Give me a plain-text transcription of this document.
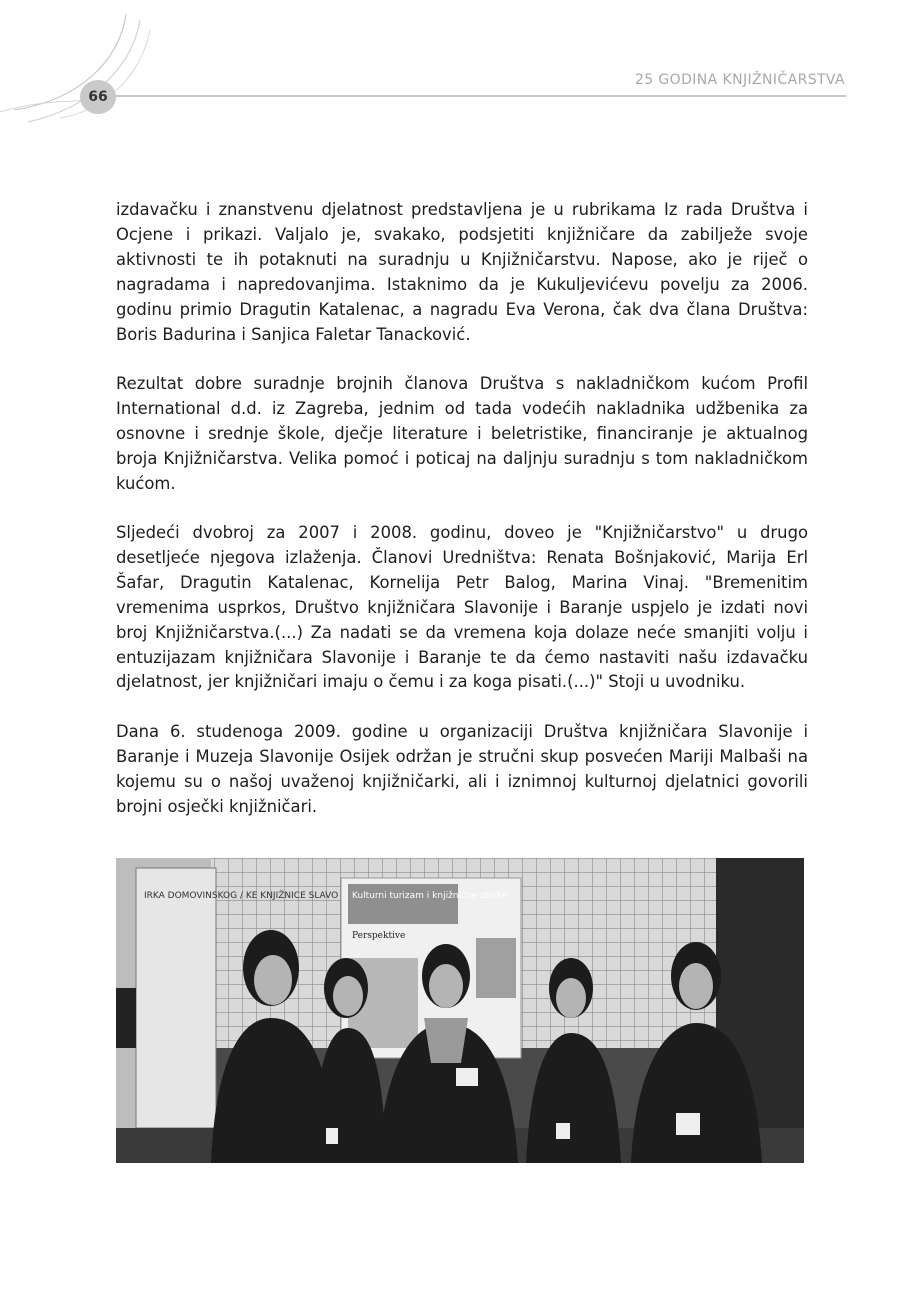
66
25 GODINA KNJIŽNIČARSTVA

izdavačku i znanstvenu djelatnost predstavljena je u rubrikama Iz rada Društva i Ocjene i prikazi. Valjalo je, svakako, podsjetiti knjižničare da zabilježe svoje aktivnosti te ih potaknuti na suradnju u Knjižničarstvu. Napose, ako je riječ o nagradama i napredovanjima. Istaknimo da je Kukuljevićevu povelju za 2006. godinu primio Dragutin Katalenac, a nagradu Eva Verona, čak dva člana Društva: Boris Badurina i Sanjica Faletar Tanacković.

Rezultat dobre suradnje brojnih članova Društva s nakladničkom kućom Profil International d.d. iz Zagreba, jednim od tada vodećih nakladnika udžbenika za osnovne i srednje škole, dječje literature i beletristike, financiranje je aktualnog broja Knjižničarstva. Velika pomoć i poticaj na daljnju suradnju s tom nakladničkom kućom.

Sljedeći dvobroj za 2007 i 2008. godinu, doveo je "Knjižničarstvo" u drugo desetljeće njegova izlaženja. Članovi Uredništva: Renata Bošnjaković, Marija Erl Šafar, Dragutin Katalenac, Kornelija Petr Balog, Marina Vinaj. "Bremenitim vremenima usprkos, Društvo knjižničara Slavonije i Baranje uspjelo je izdati novi broj Knjižničarstva.(...) Za nadati se da vremena koja dolaze neće smanjiti volju i entuzijazam knjižničara Slavonije i Baranje te da ćemo nastaviti našu izdavačku djelatnost, jer knjižničari imaju o čemu i za koga pisati.(...)" Stoji u uvodniku.

Dana 6. studenoga 2009. godine u organizaciji Društva knjižničara Slavonije i Baranje i Muzeja Slavonije Osijek održan je stručni skup posvećen Mariji Malbaši na kojemu su o našoj uvaženoj knjižničarki, ali i iznimnoj kulturnoj djelatnici govorili brojni osječki knjižničari.

IRKA DOMOVINSKOG / KE KNJIŽNICE SLAVO Kulturni turizam i knjižnične zbirke
Perspektive
